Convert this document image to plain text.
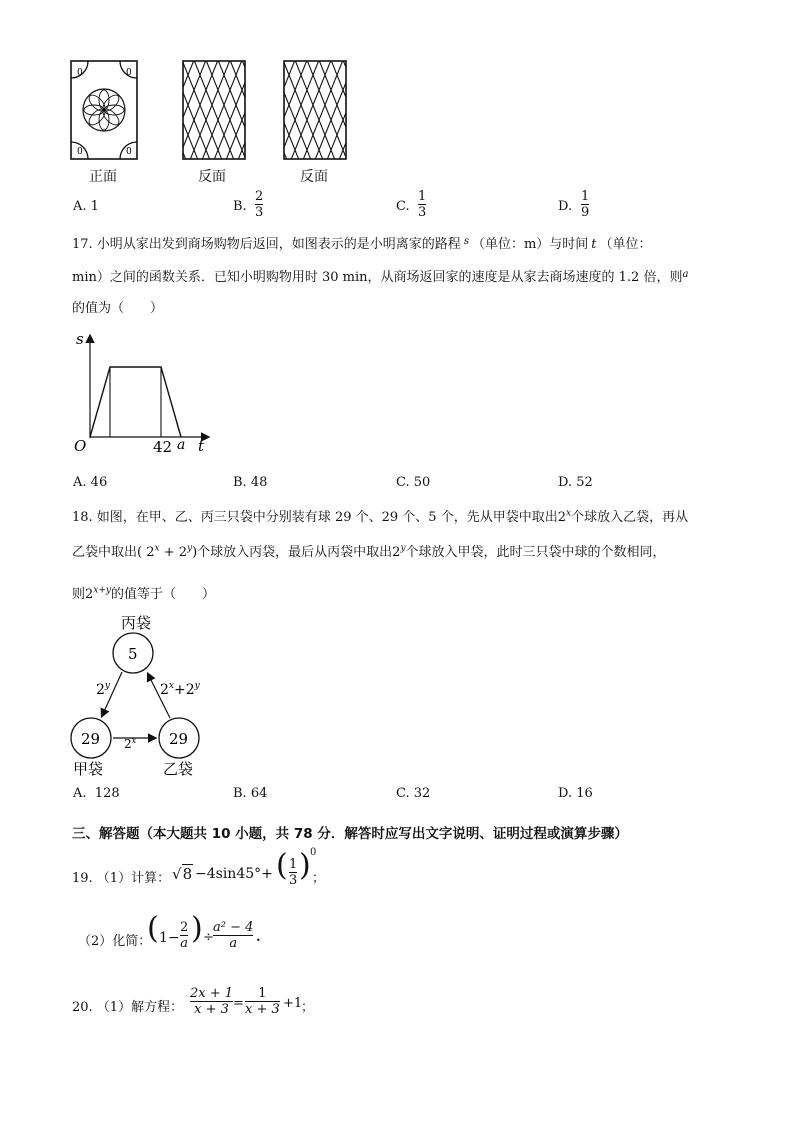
0	0
0	0
正面	反面	反面
A. 1	B.
2
3	C.
1
3	D.
1
9
17. 小明从家出发到商场购物后返回，如图表示的是小明离家的路程 $^s$ （单位：m）与时间 t （单位：
min）之间的函数关系．已知小明购物用时 30 min，从商场返回家的速度是从家去商场速度的 1.2 倍，则$^a$
的值为（　　）
s
O	42 a t
A. 46	B. 48	C. 50	D. 52
18. 如图，在甲、乙、丙三只袋中分别装有球 29 个、29 个、5 个，先从甲袋中取出2$^x$个球放入乙袋，再从
乙袋中取出( $2^x + 2^y$)个球放入丙袋，最后从丙袋中取出2$^y$个球放入甲袋，此时三只袋中球的个数相同，
则$2^{x+y}$的值等于（　　）
丙袋
5
29
甲袋
29
乙袋
2$^y$
2$^x$
$2^x+2^y$
A. 128	B. 64	C. 32	D. 16
三、解答题（本大题共 10 小题，共 78 分．解答时应写出文字说明、证明过程或演算步骤）
19. （1）计算： √8 −4sin45°+ ( 1
3 ) 0
；
（2）化简：
( 1−
2
a ) ÷
a² − 4
a .
20. （1）解方程：
2x + 1
x + 3 =
1
x + 3 +1
；
